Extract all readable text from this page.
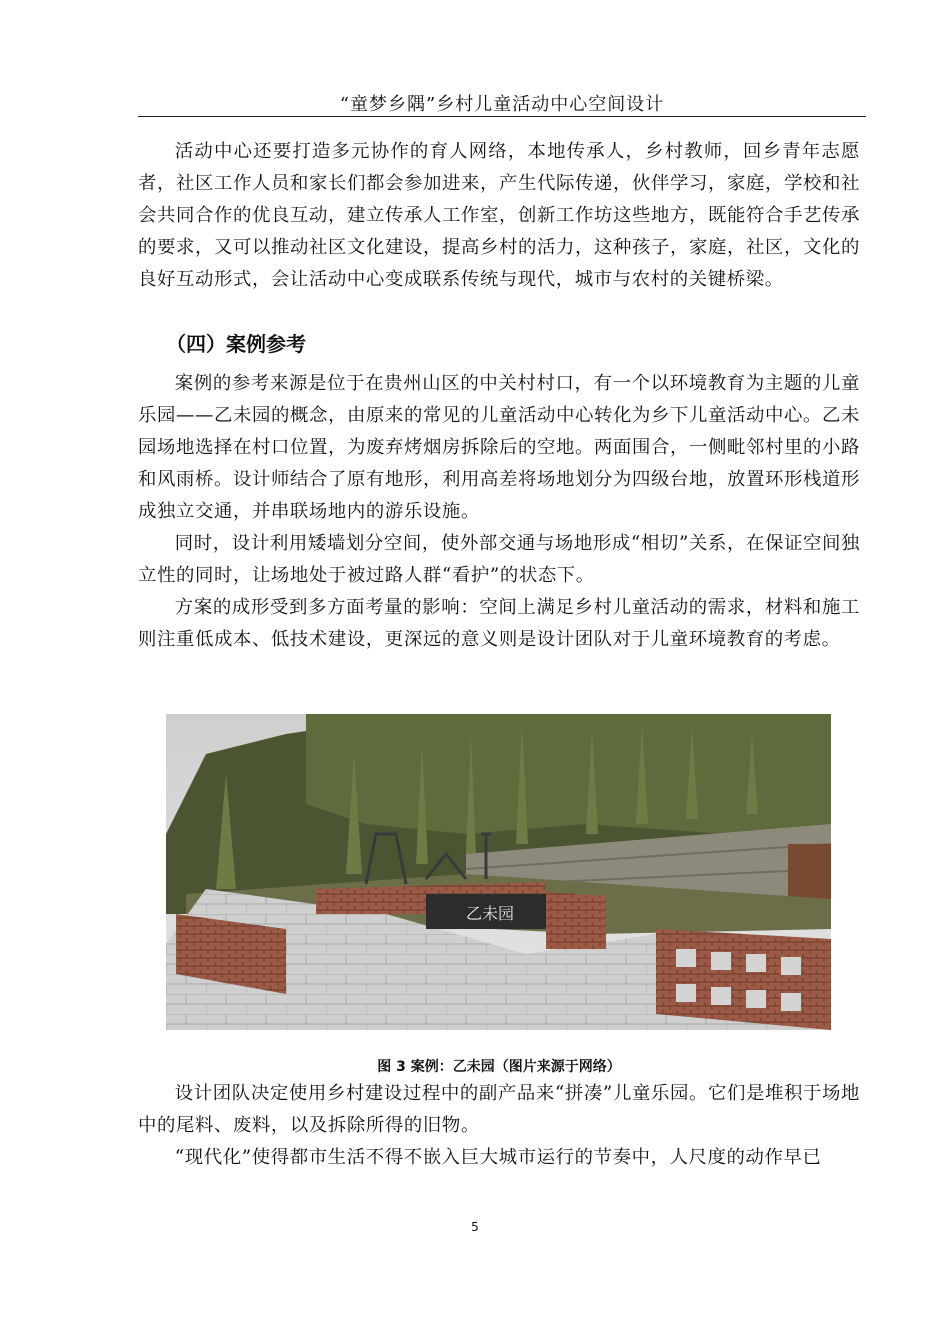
“童梦乡隅”乡村儿童活动中心空间设计

活动中心还要打造多元协作的育人网络，本地传承人，乡村教师，回乡青年志愿者，社区工作人员和家长们都会参加进来，产生代际传递，伙伴学习，家庭，学校和社会共同合作的优良互动，建立传承人工作室，创新工作坊这些地方，既能符合手艺传承的要求，又可以推动社区文化建设，提高乡村的活力，这种孩子，家庭，社区，文化的良好互动形式，会让活动中心变成联系传统与现代，城市与农村的关键桥梁。

（四）案例参考

案例的参考来源是位于在贵州山区的中关村村口，有一个以环境教育为主题的儿童乐园——乙未园的概念，由原来的常见的儿童活动中心转化为乡下儿童活动中心。乙未园场地选择在村口位置，为废弃烤烟房拆除后的空地。两面围合，一侧毗邻村里的小路和风雨桥。设计师结合了原有地形，利用高差将场地划分为四级台地，放置环形栈道形成独立交通，并串联场地内的游乐设施。

同时，设计利用矮墙划分空间，使外部交通与场地形成“相切”关系，在保证空间独立性的同时，让场地处于被过路人群“看护”的状态下。

方案的成形受到多方面考量的影响：空间上满足乡村儿童活动的需求，材料和施工则注重低成本、低技术建设，更深远的意义则是设计团队对于儿童环境教育的考虑。

乙未园
图 3 案例：乙未园（图片来源于网络）

设计团队决定使用乡村建设过程中的副产品来“拼凑”儿童乐园。它们是堆积于场地中的尾料、废料，以及拆除所得的旧物。

“现代化”使得都市生活不得不嵌入巨大城市运行的节奏中，人尺度的动作早已

5
